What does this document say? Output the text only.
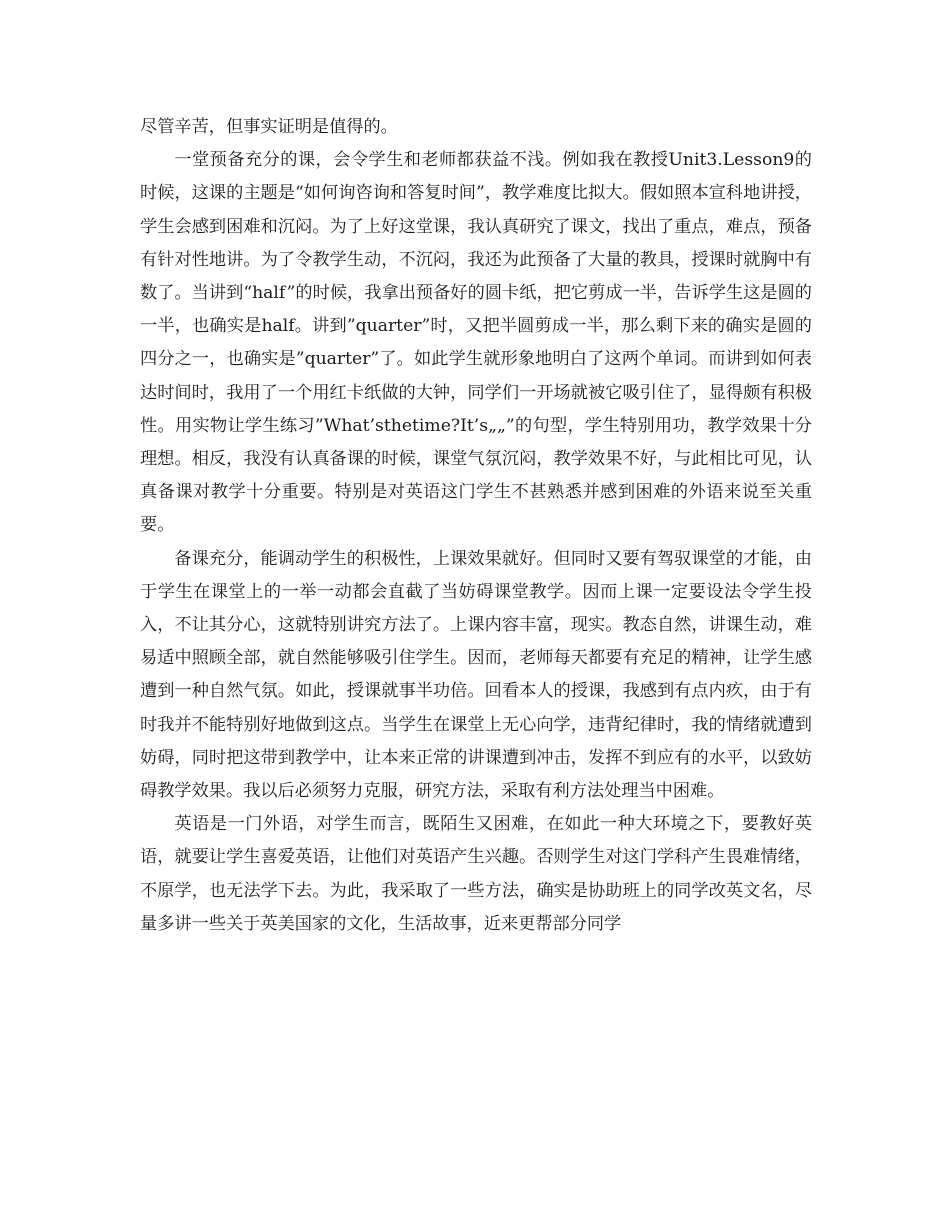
尽管辛苦，但事实证明是值得的。

一堂预备充分的课，会令学生和老师都获益不浅。例如我在教授Unit3.Lesson9的时候，这课的主题是“如何询咨询和答复时间”，教学难度比拟大。假如照本宣科地讲授，学生会感到困难和沉闷。为了上好这堂课，我认真研究了课文，找出了重点，难点，预备有针对性地讲。为了令教学生动，不沉闷，我还为此预备了大量的教具，授课时就胸中有数了。当讲到“half”的时候，我拿出预备好的圆卡纸，把它剪成一半，告诉学生这是圆的一半，也确实是half。讲到”quarter”时，又把半圆剪成一半，那么剩下来的确实是圆的四分之一，也确实是”quarter”了。如此学生就形象地明白了这两个单词。而讲到如何表达时间时，我用了一个用红卡纸做的大钟，同学们一开场就被它吸引住了，显得颇有积极性。用实物让学生练习”What’sthetime?It’s„„”的句型，学生特别用功，教学效果十分理想。相反，我没有认真备课的时候，课堂气氛沉闷，教学效果不好，与此相比可见，认真备课对教学十分重要。特别是对英语这门学生不甚熟悉并感到困难的外语来说至关重要。

备课充分，能调动学生的积极性，上课效果就好。但同时又要有驾驭课堂的才能，由于学生在课堂上的一举一动都会直截了当妨碍课堂教学。因而上课一定要设法令学生投入，不让其分心，这就特别讲究方法了。上课内容丰富，现实。教态自然，讲课生动，难易适中照顾全部，就自然能够吸引住学生。因而，老师每天都要有充足的精神，让学生感遭到一种自然气氛。如此，授课就事半功倍。回看本人的授课，我感到有点内疚，由于有时我并不能特别好地做到这点。当学生在课堂上无心向学，违背纪律时，我的情绪就遭到妨碍，同时把这带到教学中，让本来正常的讲课遭到冲击，发挥不到应有的水平，以致妨碍教学效果。我以后必须努力克服，研究方法，采取有利方法处理当中困难。

英语是一门外语，对学生而言，既陌生又困难，在如此一种大环境之下，要教好英语，就要让学生喜爱英语，让他们对英语产生兴趣。否则学生对这门学科产生畏难情绪，不原学，也无法学下去。为此，我采取了一些方法，确实是协助班上的同学改英文名，尽量多讲一些关于英美国家的文化，生活故事，近来更帮部分同学
